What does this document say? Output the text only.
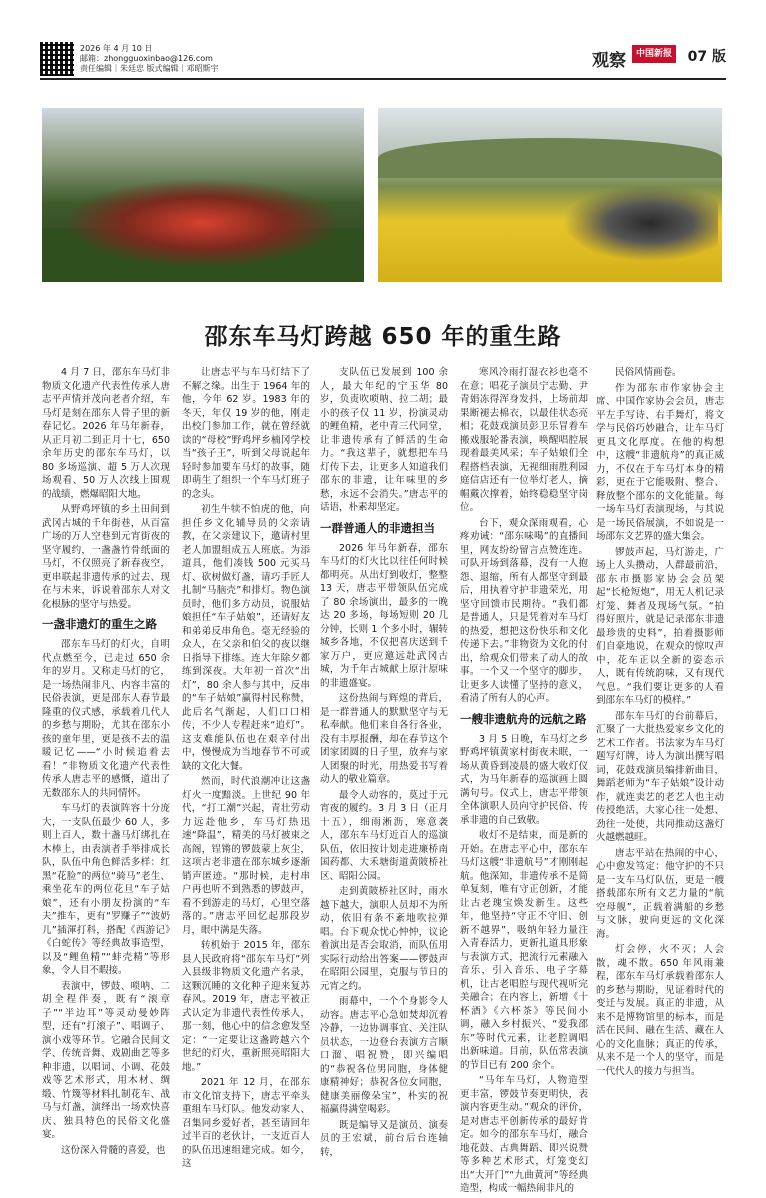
2026 年 4 月 10 日
邮箱：zhongguoxinbao@126.com
责任编辑｜朱廷忠 版式编辑｜邓昭斯宇	观察	中国新报 07 版
邵东车马灯跨越 650 年的重生路

4 月 7 日，邵东车马灯非物质文化遗产代表性传承人唐志平声情并茂向老者介绍，车马灯是刻在邵东人骨子里的新春记忆。2026 年马年新春，从正月初二到正月十七，650 余年历史的邵东车马灯，以 80 多场巡演、超 5 万人次现场观看、50 万人次线上围观的战绩，燃爆昭阳大地。

从野鸡坪镇的乡土田间到武冈古城的千年街巷，从百富广场的万人空巷到元宵街夜的坚守履约，一盏盏竹骨纸面的马灯，不仅照亮了新春夜空，更串联起非遗传承的过去、现在与未来，诉说着邵东人对文化根脉的坚守与热爱。

一盏非遗灯的重生之路

邵东车马灯的灯火，自明代点燃至今，已走过 650 余年的岁月。又称走马灯的它，是一场热闹非凡、内容丰富的民俗表演，更是邵东人春节最隆重的仪式感，承载着几代人的乡愁与期盼，尤其在邵东小孩的童年里，更是孩不去的温暖记忆——“小时候追着去看！”非物质文化遗产代表性传承人唐志平的感慨，道出了无数邵东人的共同情怀。

车马灯的表演阵容十分庞大，一支队伍最少 60 人，多则上百人，数十盏马灯绑扎在木棒上，由表演者手举排成长队，队伍中角色鲜活多样：红黑“花脸”的两位“骑马”老生、乘坐花车的两位花旦“车子姑娘”，还有小朋友扮演的“车夫”推车，更有“罗赚子”“波奶儿”插渾打科，搭配《西游记》《白蛇传》等经典故事造型，以及“鲤鱼精”“蚌壳精”等形象，令人目不暇接。

表演中，锣鼓、唢呐、二胡全程伴奏，既有“滚章子”“半边耳”等灵动曼妙阵型，还有“打滚子”、唱调子、演小戏等环节。它融合民间文学、传统音舞、戏剧曲艺等多种非遗，以唱词、小调、花鼓戏等艺术形式，用木材、绸缎、竹篾等材料扎制花车、战马与灯盏，演绎出一场欢快喜庆、独具特色的民俗文化盛宴。

这份深入骨髓的喜爱，也

让唐志平与车马灯结下了不解之缘。出生于 1964 年的他，今年 62 岁。1983 年的冬天，年仅 19 岁的他，刚走出校门参加工作，就在曾经就读的“母校”野鸡坪乡楠冈学校当“孩子王”，听到父母说起年轻时参加要车马灯的故事，随即萌生了组织一个车马灯班子的念头。

初生牛犊不怕虎的他，向担任乡文化辅导员的父亲请教，在父亲建议下，邀请村里老人加盟组成五人班底。为添道具，他们凑钱 500 元买马灯、砍树做灯盏，请巧手匠人扎制“马脑壳”和排灯。物色演员时，他们多方动员，说服姑娘担任“车子姑娘”，还请好友和弟弟反串角色。毫无经验的众人，在父亲和伯父的夜以继日指导下排练。连大年除夕都练到深夜。大年初一首次“出灯”，80 余人参与其中，反串的“车子姑娘”赢得村民称赞，此后名气渐起，人们口口相传，不少人专程赶来“追灯”。这支难能队伍也在艰辛付出中，慢慢成为当地春节不可或缺的文化大餐。

然而，时代浪潮冲让这盏灯火一度黯淡。上世纪 90 年代，“打工潮”兴起，青壮劳动力远赴他乡，车马灯热迅速“降温”，精美的马灯被束之高阁，锃锵的锣鼓蒙上灰尘，这项古老非遗在邵东城乡逐渐销声匿迹。“那时候，走村串户再也听不到熟悉的锣鼓声，看不到游走的马灯，心里空落落的。”唐志平回忆起那段岁月，眼中满是失落。

转机始于 2015 年，邵东县人民政府将“邵东车马灯”列入县级非物质文化遗产名录，这颗沉睡的文化种子迎来复苏春风。2019 年，唐志平被正式认定为非遗代表性传承人，那一刻，他心中的信念愈发坚定：“一定要让这盏跨越六个世纪的灯火，重新照亮昭阳大地。”

2021 年 12 月，在邵东市文化馆支持下，唐志平牵头重组车马灯队。他发动家人、召集同乡爱好者，甚至请回年过半百的老伙计，一支近百人的队伍迅速组建完成。如今，这

支队伍已发展到 100 余人，最大年纪的宁玉华 80 岁，负责吹唢呐、拉二胡；最小的孩子仅 11 岁，扮演灵动的鲤鱼精，老中青三代同堂，让非遗传承有了鲜活的生命力。“我这辈子，就想把车马灯传下去，让更多人知道我们邵东的非遗，让年味里的乡愁，永远不会消失。”唐志平的话语，朴素却坚定。

一群普通人的非遗担当

2026 年马年新春，邵东车马灯的灯火比以往任何时候都明亮。从出灯到收灯，整整 13 天，唐志平带领队伍完成了 80 余场演出，最多的一晚达 20 多场，每场短则 20 几分钟，长则 1 个多小时，辗转城乡各地，不仅把喜庆送到千家万户，更应邀远赴武冈古城，为千年古城献上原汁原味的非遗盛宴。

这份热闹与辉煌的背后，是一群普通人的默默坚守与无私奉献。他们来自各行各业，没有丰厚报酬，却在春节这个团家团圆的日子里，放弃与家人团聚的时光，用热爱书写着动人的敬业篇章。

最令人动容的，莫过于元宵夜的履约。3 月 3 日（正月十五），细雨淅沥，寒意袭人，邵东车马灯近百人的巡演队伍，依旧按计划走进廉桥南国药都、大禾塘街道黄陂桥社区、昭阳公园。

走到黄陂桥社区时，雨水越下越大，演职人员却不为所动，依旧有条不紊地吹拉弹唱。台下观众忧心忡忡，议论着演出是否会取消，而队伍用实际行动给出答案——锣鼓声在昭阳公园里，克服与节日的元宵之约。

雨幕中，一个个身影令人动容。唐志平心急如焚却沉着冷静，一边协调事宜、关注队员状态，一边登台表演方言顺口溜、唱祝赞，即兴编唱的“恭祝各位男同胞，身体健康精神好；恭祝各位女同胞，健康美丽像朵宝”，朴实的祝福赢得满堂喝彩。

既是编导又是演员、演奏员的王宏斌，前台后台连轴转，

寒风冷雨打湿衣衫也毫不在意；唱花子演员宁志勤、尹青娟冻得浑身发抖，上场前却果断褪去棉衣，以最佳状态亮相；花鼓戏演员彭卫乐冒着车搬戏服轮番表演，唤醒唱腔展现着最美风采；车子姑娘们全程搭档表演，无视细雨胜利园庭信店还有一位举灯老人，摘帽戴次撑着，始终稳稳坚守岗位。

台下，观众深雨观看，心疼劝诫：“邵东味喝”的直播间里，网友纷纷留言点赞连连。可队开场到落幕，没有一人抱怨、退缩，所有人都坚守到最后，用执着守护非遗荣光，用坚守回馈市民期待。“我们都是普通人，只是凭着对车马灯的热爱，想把这份快乐和文化传递下去。”非物资为文化的付出，给观众们带来了动人的故事。一个又一个坚守的脚步，让更多人读懂了坚持的意义，看清了所有人的心声。

一艘非遗航舟的远航之路

3 月 5 日晚，车马灯之乡野鸡坪镇黄家村街夜未眠，一场从黄昏到凌晨的盛大收灯仪式，为马年新春的巡演画上圆满句号。仪式上，唐志平带领全体演职人员向守护民俗、传承非遗的自己致敬。

收灯不是结束，而是新的开始。在唐志平心中，邵东车马灯这艘“非遗航号”才刚刚起航。他深知，非遗传承不是简单复刻，唯有守正创新，才能让古老瑰宝焕发新生。这些年，他坚持“守正不守旧、创新不越界”，吸纳年轻力量注入青春活力，更新扎道具形象与表演方式，把流行元素融入音乐，引入音乐、电子字幕机，让古老唱腔与现代视听完美融合；在内容上，新增《十杯酒》《六杯茶》等民间小调，融入乡村振兴、“爱我邵东”等时代元素，让老腔调唱出新味道。目前，队伍常表演的节目已有 200 余个。

“马年车马灯，人物造型更丰富，锣鼓节奏更明快，表演内容更生动。”观众的评价，是对唐志平创新传承的最好肯定。如今的邵东车马灯，融合地花鼓、古典舞蹈、即兴说赞等多种艺术形式，灯笼变幻出“大开门”“九曲黄河”等经典造型，构成一幅热闹非凡的

民俗风情画卷。

作为邵东市作家协会主席、中国作家协会会员，唐志平左手写诗、右手舞灯，将文学与民俗巧妙融合，让车马灯更具文化厚度。在他的构想中，这艘“非遗航舟”的真正威力，不仅在于车马灯本身的精彩，更在于它能吸附、整合、释放整个邵东的文化能量。每一场车马灯表演现场，与其说是一场民俗展演，不如说是一场邵东文艺界的盛大集会。

锣鼓声起，马灯游走，广场上人头攒动，人群最前沿，邵东市摄影家协会会员架起“长枪短炮”，用无人机记录灯笼、舞者及现场气氛。“拍得好照片，就是记录邵东非遗最珍贵的史料”，拍着摄影师们自豪地说，在观众的惊叹声中，花车正以全新的姿态示人，既有传统韵味，又有现代气息。“我们要让更多的人看到邵东车马灯的模样。”

邵东车马灯的台前幕后，汇聚了一大批热爱家乡文化的艺术工作者。书法家为车马灯题写灯牌，诗人为演出撰写唱词，花鼓戏演员编排新曲目，舞蹈老师为“车子姑娘”设计动作，就连卖艺的老艺人也主动传授绝活，大家心往一处想、劲往一处使，共同推动这盏灯火越燃越旺。

唐志平站在热闹的中心，心中愈发笃定：他守护的不只是一支车马灯队伍，更是一艘搭载邵东所有文艺力量的“航空母舰”，正载着满船的乡愁与文脉，驶向更远的文化深海。

灯会停，火不灭；人会散，魂不散。650 年风雨兼程，邵东车马灯承载着邵东人的乡愁与期盼，见证着时代的变迁与发展。真正的非遗，从来不是博物馆里的标本，而是活在民间、融在生活、藏在人心的文化血脉；真正的传承，从来不是一个人的坚守，而是一代代人的接力与担当。
